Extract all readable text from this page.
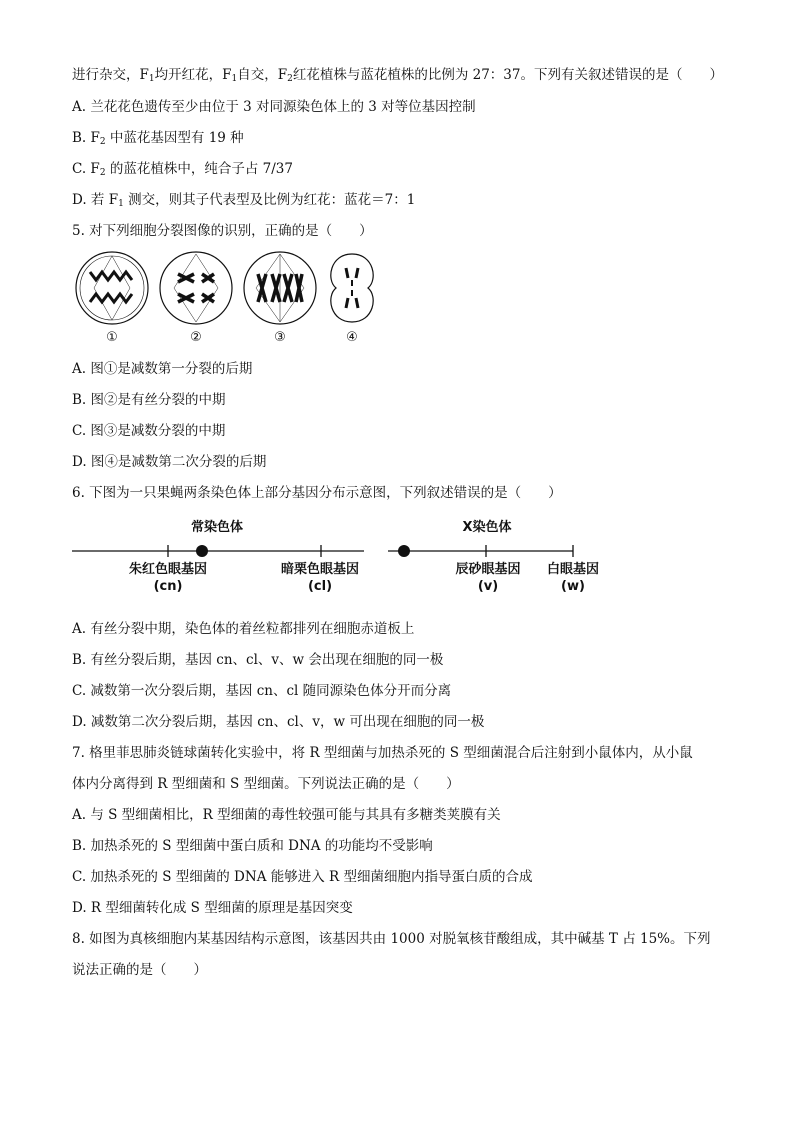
进行杂交，$F_1$均开红花，$F_1$自交，$F_2$红花植株与蓝花植株的比例为 27：37。下列有关叙述错误的是（　　）
A. 兰花花色遗传至少由位于 3 对同源染色体上的 3 对等位基因控制
B. $F_2$ 中蓝花基因型有 19 种
C. $F_2$ 的蓝花植株中，纯合子占 7/37
D. 若 $F_1$ 测交，则其子代表型及比例为红花：蓝花＝7：1
5. 对下列细胞分裂图像的识别，正确的是（　　）
①	②	③	④
A. 图①是减数第一分裂的后期
B. 图②是有丝分裂的中期
C. 图③是减数分裂的中期
D. 图④是减数第二次分裂的后期
6. 下图为一只果蝇两条染色体上部分基因分布示意图，下列叙述错误的是（　　）
常染色体	X染色体
朱红色眼基因
(cn)
暗栗色眼基因
(cl)
辰砂眼基因
(v)
白眼基因
(w)
A. 有丝分裂中期，染色体的着丝粒都排列在细胞赤道板上
B. 有丝分裂后期，基因 cn、cl、v、w 会出现在细胞的同一极
C. 减数第一次分裂后期，基因 cn、cl 随同源染色体分开而分离
D. 减数第二次分裂后期，基因 cn、cl、v，w 可出现在细胞的同一极
7. 格里菲思肺炎链球菌转化实验中，将 R 型细菌与加热杀死的 S 型细菌混合后注射到小鼠体内，从小鼠
体内分离得到 R 型细菌和 S 型细菌。下列说法正确的是（　　）
A. 与 S 型细菌相比，R 型细菌的毒性较强可能与其具有多糖类荚膜有关
B. 加热杀死的 S 型细菌中蛋白质和 DNA 的功能均不受影响
C. 加热杀死的 S 型细菌的 DNA 能够进入 R 型细菌细胞内指导蛋白质的合成
D. R 型细菌转化成 S 型细菌的原理是基因突变
8. 如图为真核细胞内某基因结构示意图，该基因共由 1000 对脱氧核苷酸组成，其中碱基 T 占 15%。下列
说法正确的是（　　）
